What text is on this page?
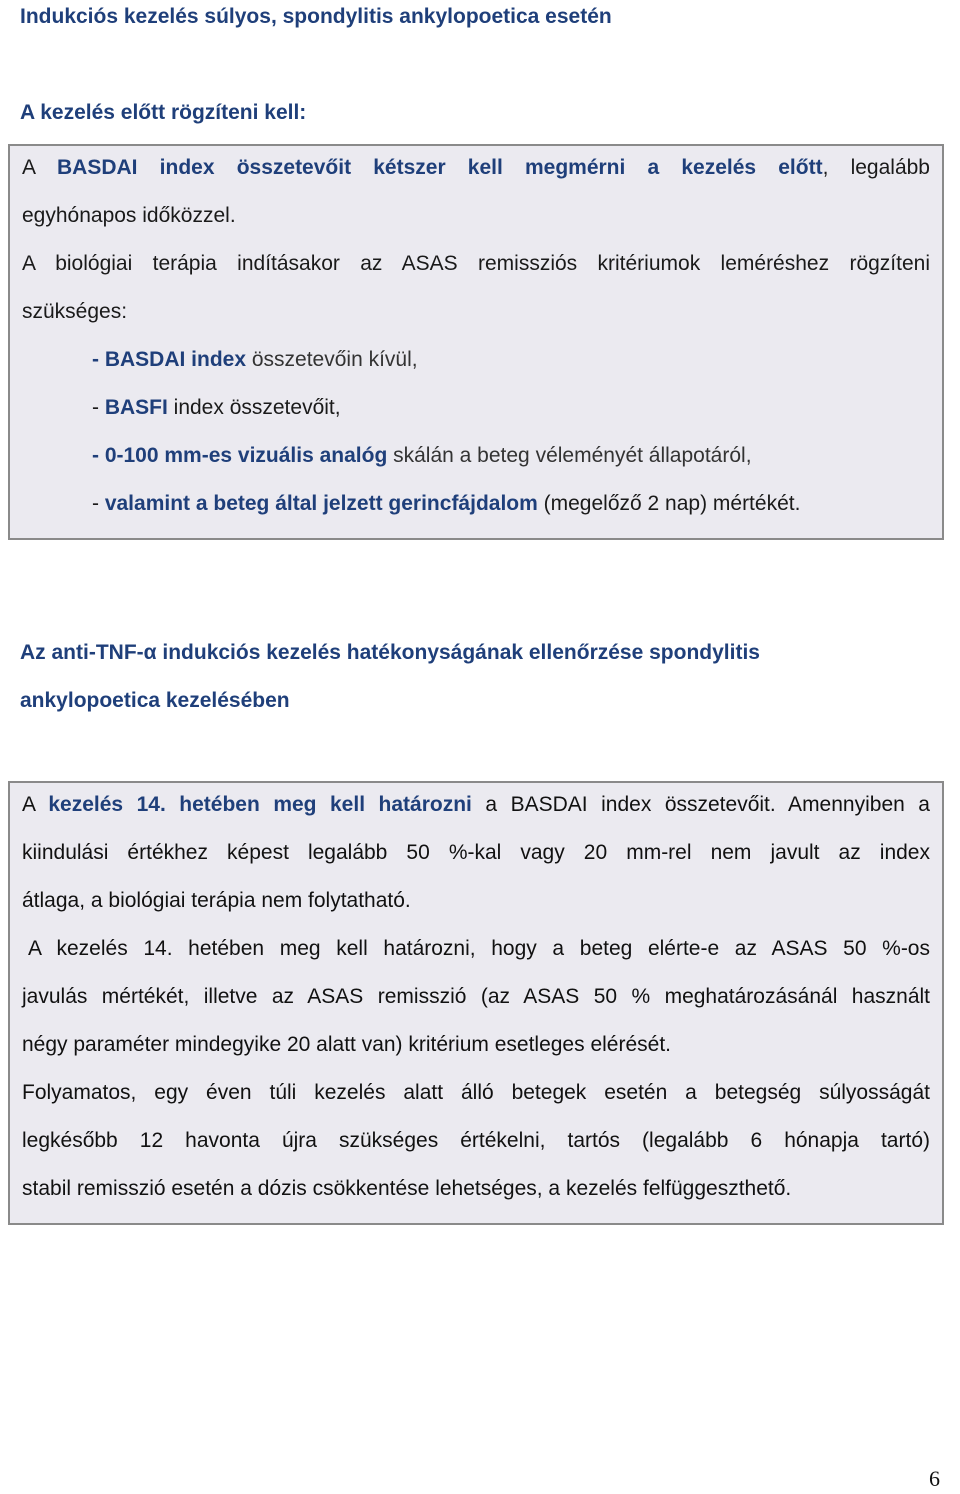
Indukciós kezelés súlyos, spondylitis ankylopoetica esetén
A kezelés előtt rögzíteni kell:
A BASDAI index összetevőit kétszer kell megmérni a kezelés előtt, legalább
egyhónapos időközzel.
A biológiai terápia indításakor az ASAS remissziós kritériumok leméréshez rögzíteni
szükséges:
- BASDAI index összetevőin kívül,
- BASFI index összetevőit,
- 0-100 mm-es vizuális analóg skálán a beteg véleményét állapotáról,
- valamint a beteg által jelzett gerincfájdalom (megelőző 2 nap) mértékét.
Az anti-TNF-α indukciós kezelés hatékonyságának ellenőrzése spondylitis
ankylopoetica kezelésében
A kezelés 14. hetében meg kell határozni a BASDAI index összetevőit. Amennyiben a
kiindulási értékhez képest legalább 50 %-kal vagy 20 mm-rel nem javult az index
átlaga, a biológiai terápia nem folytatható.
A kezelés 14. hetében meg kell határozni, hogy a beteg elérte-e az ASAS 50 %-os
javulás mértékét, illetve az ASAS remisszió (az ASAS 50 % meghatározásánál használt
négy paraméter mindegyike 20 alatt van) kritérium esetleges elérését.
Folyamatos, egy éven túli kezelés alatt álló betegek esetén a betegség súlyosságát
legkésőbb 12 havonta újra szükséges értékelni, tartós (legalább 6 hónapja tartó)
stabil remisszió esetén a dózis csökkentése lehetséges, a kezelés felfüggeszthető.
6
